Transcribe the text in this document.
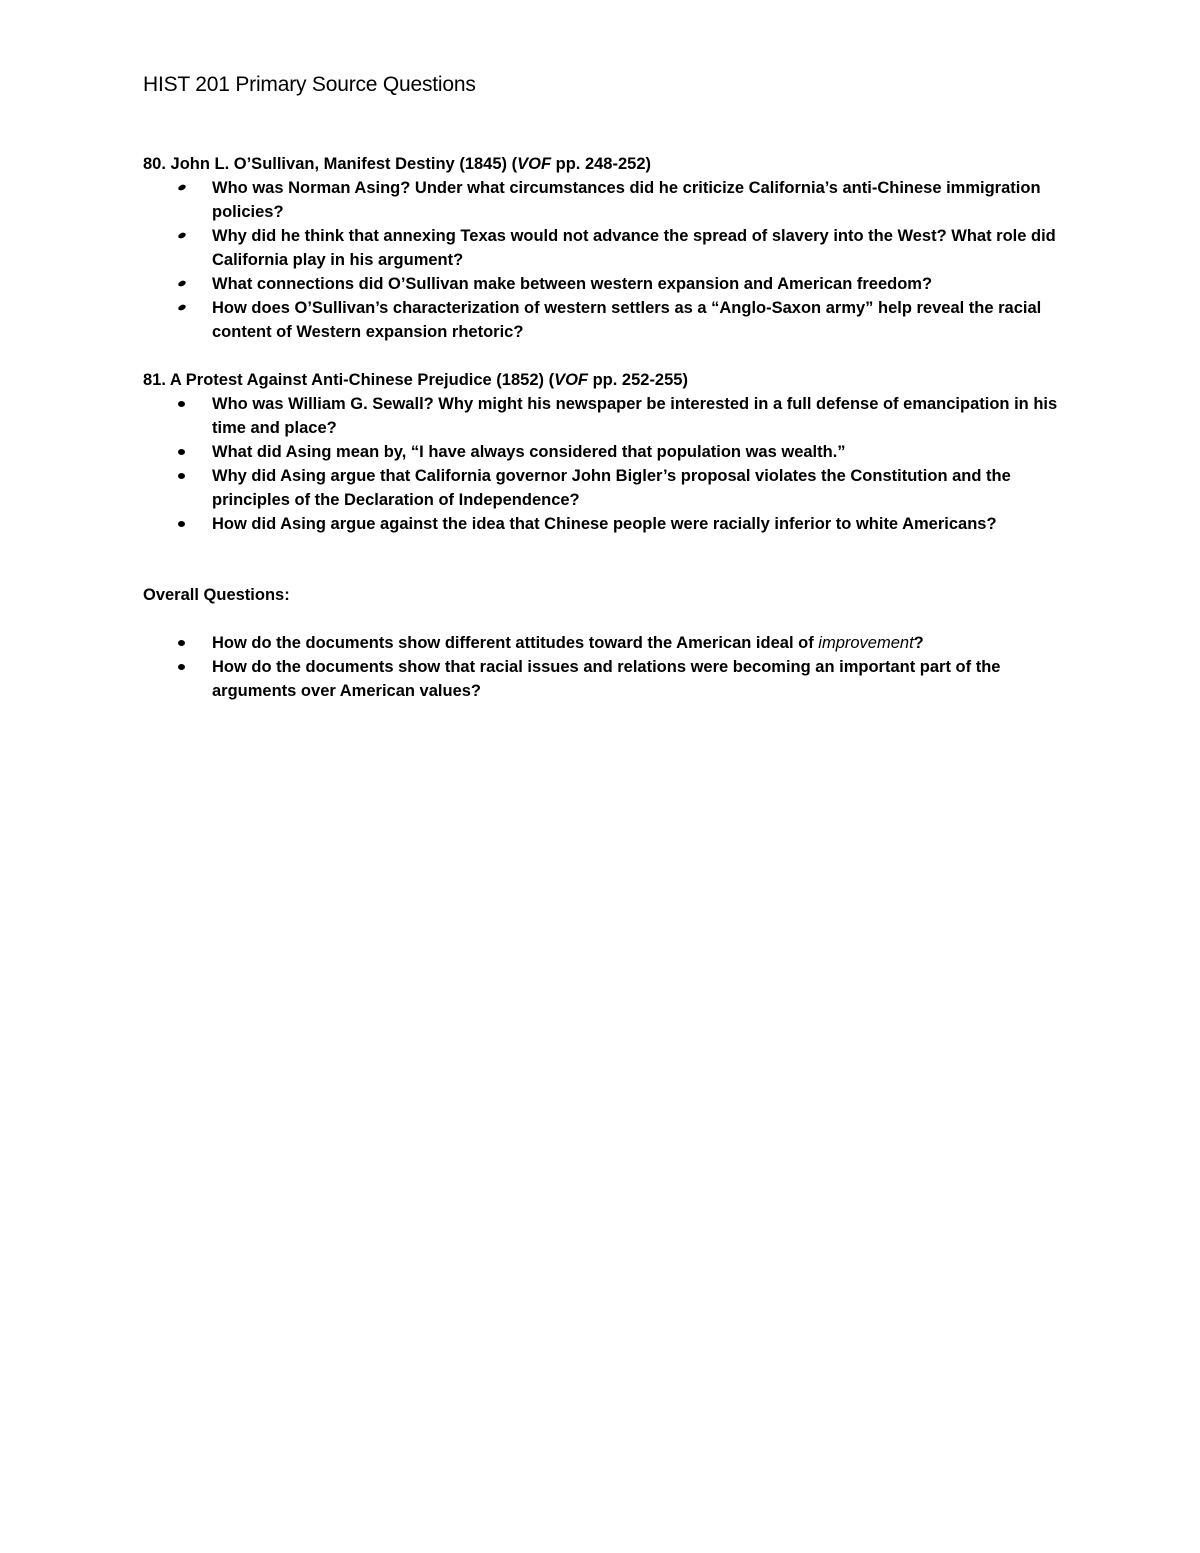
HIST 201 Primary Source Questions
80. John L. O’Sullivan, Manifest Destiny (1845) (VOF pp. 248-252)
Who was Norman Asing? Under what circumstances did he criticize California’s anti-Chinese immigration policies?
Why did he think that annexing Texas would not advance the spread of slavery into the West? What role did California play in his argument?
What connections did O’Sullivan make between western expansion and American freedom?
How does O’Sullivan’s characterization of western settlers as a “Anglo-Saxon army” help reveal the racial content of Western expansion rhetoric?
81. A Protest Against Anti-Chinese Prejudice (1852) (VOF pp. 252-255)
Who was William G. Sewall? Why might his newspaper be interested in a full defense of emancipation in his time and place?
What did Asing mean by, “I have always considered that population was wealth.”
Why did Asing argue that California governor John Bigler’s proposal violates the Constitution and the principles of the Declaration of Independence?
How did Asing argue against the idea that Chinese people were racially inferior to white Americans?
Overall Questions:
How do the documents show different attitudes toward the American ideal of improvement?
How do the documents show that racial issues and relations were becoming an important part of the arguments over American values?
